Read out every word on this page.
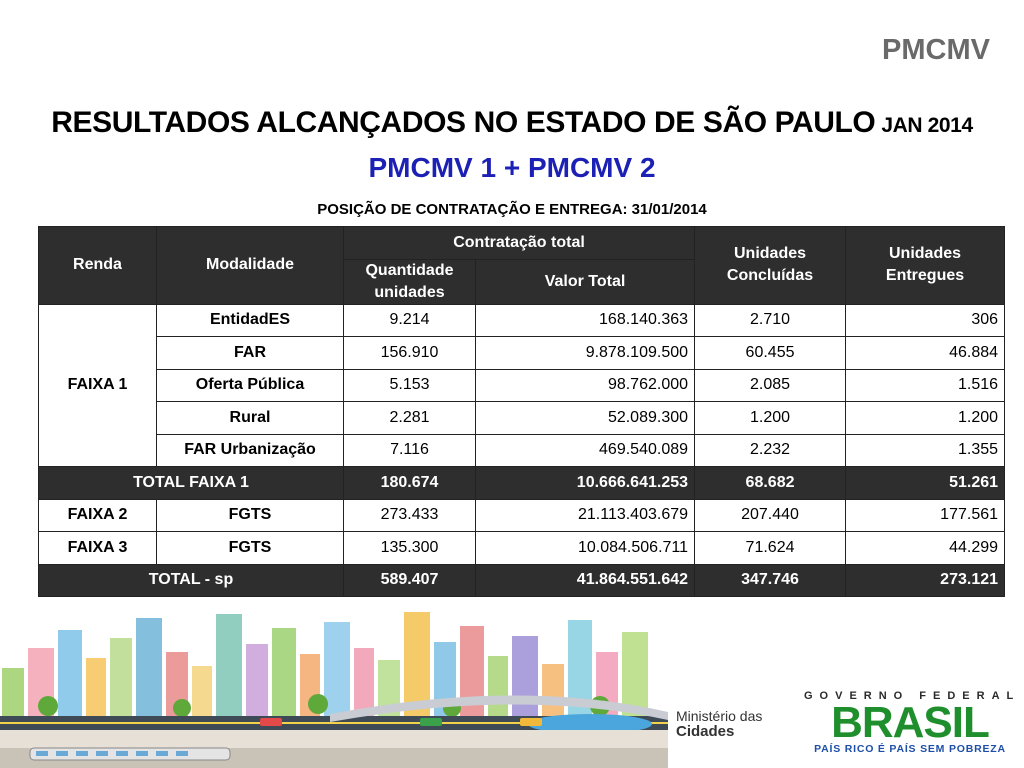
PMCMV
RESULTADOS ALCANÇADOS NO ESTADO DE SÃO PAULO JAN 2014
PMCMV 1 + PMCMV 2
POSIÇÃO DE CONTRATAÇÃO E ENTREGA: 31/01/2014
Renda	Modalidade	Contratação total		Unidades Concluídas	Unidades Entregues
		Quantidade unidades	Valor Total		
FAIXA 1	EntidadES	9.214	168.140.363	2.710	306
	FAR	156.910	9.878.109.500	60.455	46.884
	Oferta Pública	5.153	98.762.000	2.085	1.516
	Rural	2.281	52.089.300	1.200	1.200
	FAR Urbanização	7.116	469.540.089	2.232	1.355
TOTAL FAIXA 1		180.674	10.666.641.253	68.682	51.261
FAIXA 2	FGTS	273.433	21.113.403.679	207.440	177.561
FAIXA 3	FGTS	135.300	10.084.506.711	71.624	44.299
TOTAL - sp		589.407	41.864.551.642	347.746	273.121
Ministério das
Cidades
GOVERNO FEDERAL
BRASIL
PAÍS RICO É PAÍS SEM POBREZA
